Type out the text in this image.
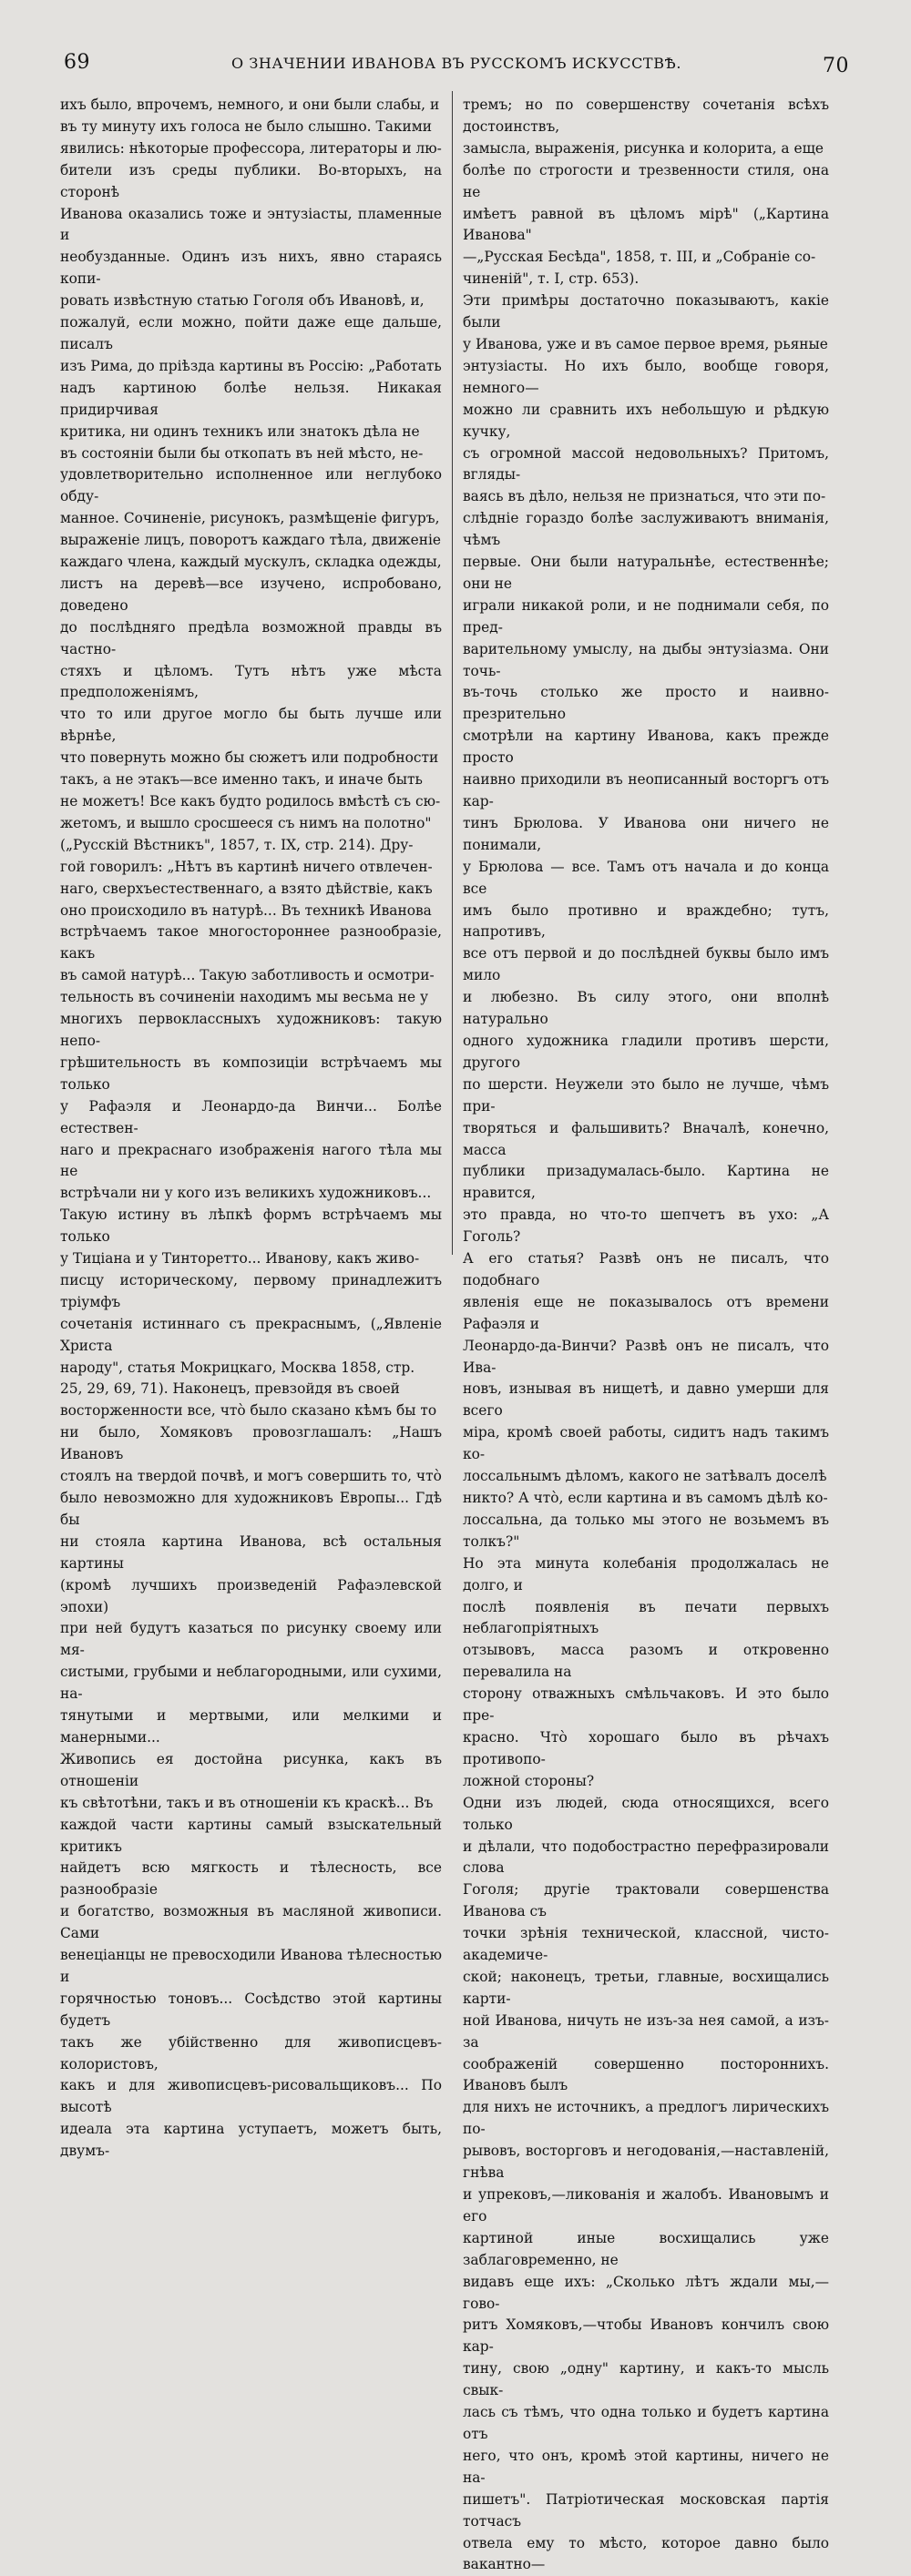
69	О ЗНАЧЕНИИ ИВАНОВА ВЪ РУССКОМЪ ИСКУССТВѢ.	70
ихъ было, впрочемъ, немного, и они были слабы, и
въ ту минуту ихъ голоса не было слышно. Такими
явились: нѣкоторые профессора, литераторы и лю-
бители изъ среды публики. Во-вторыхъ, на сторонѣ
Иванова оказались тоже и энтузіасты, пламенные и
необузданные. Одинъ изъ нихъ, явно стараясь копи-
ровать извѣстную статью Гоголя объ Ивановѣ, и,
пожалуй, если можно, пойти даже еще дальше, писалъ
изъ Рима, до пріѣзда картины въ Россію: „Работать
надъ картиною болѣе нельзя. Никакая придирчивая
критика, ни одинъ техникъ или знатокъ дѣла не
въ состояніи были бы откопать въ ней мѣсто, не-
удовлетворительно исполненное или неглубоко обду-
манное. Сочиненіе, рисунокъ, размѣщеніе фигуръ,
выраженіе лицъ, поворотъ каждаго тѣла, движеніе
каждаго члена, каждый мускулъ, складка одежды,
листъ на деревѣ—все изучено, испробовано, доведено
до послѣдняго предѣла возможной правды въ частно-
стяхъ и цѣломъ. Тутъ нѣтъ уже мѣста предположеніямъ,
что то или другое могло бы быть лучше или вѣрнѣе,
что повернуть можно бы сюжетъ или подробности
такъ, а не этакъ—все именно такъ, и иначе быть
не можетъ! Все какъ будто родилось вмѣстѣ съ сю-
жетомъ, и вышло сросшееся съ нимъ на полотно"
(„Русскій Вѣстникъ", 1857, т. IX, стр. 214). Дру-
гой говорилъ: „Нѣтъ въ картинѣ ничего отвлечен-
наго, сверхъестественнаго, а взято дѣйствіе, какъ
оно происходило въ натурѣ... Въ техникѣ Иванова
встрѣчаемъ такое многостороннее разнообразіе, какъ
въ самой натурѣ... Такую заботливость и осмотри-
тельность въ сочиненіи находимъ мы весьма не у
многихъ первоклассныхъ художниковъ: такую непо-
грѣшительность въ композиціи встрѣчаемъ мы только
у Рафаэля и Леонардо-да Винчи... Болѣе естествен-
наго и прекраснаго изображенія нагого тѣла мы не
встрѣчали ни у кого изъ великихъ художниковъ...
Такую истину въ лѣпкѣ формъ встрѣчаемъ мы только
у Тиціана и у Тинторетто... Иванову, какъ живо-
писцу историческому, первому принадлежитъ тріумфъ
сочетанія истиннаго съ прекраснымъ, („Явленіе Христа
народу", статья Мокрицкаго, Москва 1858, стр.
25, 29, 69, 71). Наконецъ, превзойдя въ своей
восторженности все, чтò было сказано кѣмъ бы то
ни было, Хомяковъ провозглашалъ: „Нашъ Ивановъ
стоялъ на твердой почвѣ, и могъ совершить то, чтò
было невозможно для художниковъ Европы... Гдѣ бы
ни стояла картина Иванова, всѣ остальныя картины
(кромѣ лучшихъ произведеній Рафаэлевской эпохи)
при ней будутъ казаться по рисунку своему или мя-
систыми, грубыми и неблагородными, или сухими, на-
тянутыми и мертвыми, или мелкими и манерными...
Живопись ея достойна рисунка, какъ въ отношеніи
къ свѣтотѣни, такъ и въ отношеніи къ краскѣ... Въ
каждой части картины самый взыскательный критикъ
найдетъ всю мягкость и тѣлесность, все разнообразіе
и богатство, возможныя въ масляной живописи. Сами
венеціанцы не превосходили Иванова тѣлесностью и
горячностью тоновъ... Сосѣдство этой картины будетъ
такъ же убійственно для живописцевъ-колористовъ,
какъ и для живописцевъ-рисовальщиковъ... По высотѣ
идеала эта картина уступаетъ, можетъ быть, двумъ-
тремъ; но по совершенству сочетанія всѣхъ достоинствъ,
замысла, выраженія, рисунка и колорита, а еще
болѣе по строгости и трезвенности стиля, она не
имѣетъ равной въ цѣломъ мірѣ" („Картина Иванова"
—„Русская Бесѣда", 1858, т. III, и „Собраніе со-
чиненій", т. I, стр. 653).
Эти примѣры достаточно показываютъ, какіе были
у Иванова, уже и въ самое первое время, рьяные
энтузіасты. Но ихъ было, вообще говоря, немного—
можно ли сравнить ихъ небольшую и рѣдкую кучку,
съ огромной массой недовольныхъ? Притомъ, вгляды-
ваясь въ дѣло, нельзя не признаться, что эти по-
слѣдніе гораздо болѣе заслуживаютъ вниманія, чѣмъ
первые. Они были натуральнѣе, естественнѣе; они не
играли никакой роли, и не поднимали себя, по пред-
варительному умыслу, на дыбы энтузіазма. Они точь-
въ-точь столько же просто и наивно-презрительно
смотрѣли на картину Иванова, какъ прежде просто
наивно приходили въ неописанный восторгъ отъ кар-
тинъ Брюлова. У Иванова они ничего не понимали,
у Брюлова — все. Тамъ отъ начала и до конца все
имъ было противно и враждебно; тутъ, напротивъ,
все отъ первой и до послѣдней буквы было имъ мило
и любезно. Въ силу этого, они вполнѣ натурально
одного художника гладили противъ шерсти, другого
по шерсти. Неужели это было не лучше, чѣмъ при-
творяться и фальшивить? Вначалѣ, конечно, масса
публики призадумалась-было. Картина не нравится,
это правда, но что-то шепчетъ въ ухо: „А Гоголь?
А его статья? Развѣ онъ не писалъ, что подобнаго
явленія еще не показывалось отъ времени Рафаэля и
Леонардо-да-Винчи? Развѣ онъ не писалъ, что Ива-
новъ, изнывая въ нищетѣ, и давно умерши для всего
міра, кромѣ своей работы, сидитъ надъ такимъ ко-
лоссальнымъ дѣломъ, какого не затѣвалъ доселѣ
никто? А чтò, если картина и въ самомъ дѣлѣ ко-
лоссальна, да только мы этого не возьмемъ въ толкъ?"
Но эта минута колебанія продолжалась не долго, и
послѣ появленія въ печати первыхъ неблагопріятныхъ
отзывовъ, масса разомъ и откровенно перевалила на
сторону отважныхъ смѣльчаковъ. И это было пре-
красно. Чтò хорошаго было въ рѣчахъ противопо-
ложной стороны?
Одни изъ людей, сюда относящихся, всего только
и дѣлали, что подобострастно перефразировали слова
Гоголя; другіе трактовали совершенства Иванова съ
точки зрѣнія технической, классной, чисто-академиче-
ской; наконецъ, третьи, главные, восхищались карти-
ной Иванова, ничуть не изъ-за нея самой, а изъ-за
соображеній совершенно постороннихъ. Ивановъ былъ
для нихъ не источникъ, а предлогъ лирическихъ по-
рывовъ, восторговъ и негодованія,—наставленій, гнѣва
и упрековъ,—ликованія и жалобъ. Ивановымъ и его
картиной иные восхищались уже заблаговременно, не
видавъ еще ихъ: „Сколько лѣтъ ждали мы,—гово-
ритъ Хомяковъ,—чтобы Ивановъ кончилъ свою кар-
тину, свою „одну" картину, и какъ-то мысль свык-
лась съ тѣмъ, что одна только и будетъ картина отъ
него, что онъ, кромѣ этой картины, ничего не на-
пишетъ". Патріотическая московская партія тотчасъ
отвела ему то мѣсто, которое давно было вакантно—
